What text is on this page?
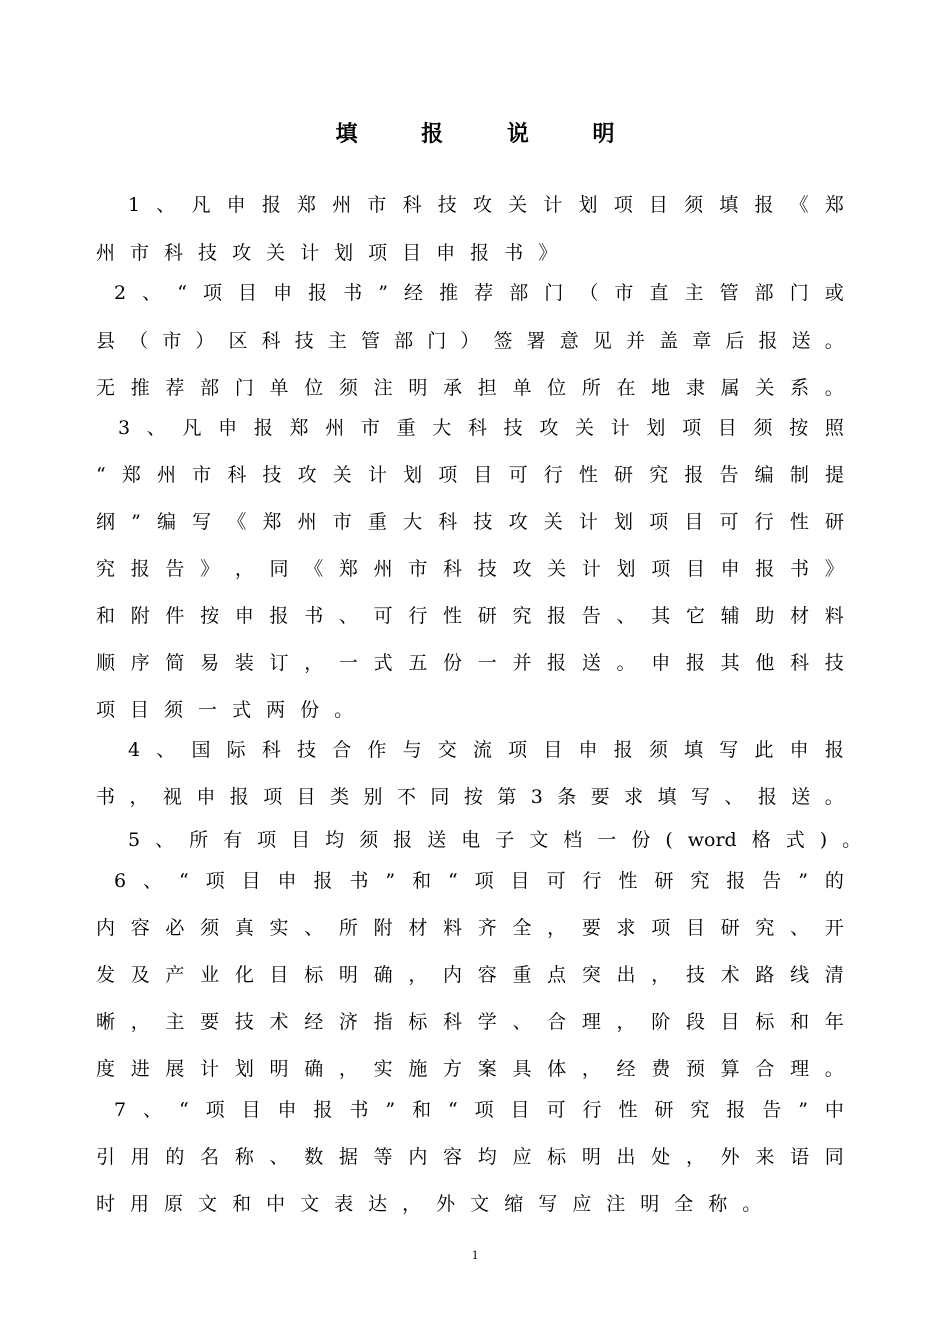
填 报 说 明
1 、 凡 申 报 郑 州 市 科 技 攻 关 计 划 项 目 须 填 报 《 郑
州 市 科 技 攻 关 计 划 项 目 申 报 书 》
2 、 “ 项 目 申 报 书 ” 经 推 荐 部 门 （ 市 直 主 管 部 门 或
县 （ 市 ） 区 科 技 主 管 部 门 ） 签 署 意 见 并 盖 章 后 报 送 。
无 推 荐 部 门 单 位 须 注 明 承 担 单 位 所 在 地 隶 属 关 系 。
3 、 凡 申 报 郑 州 市 重 大 科 技 攻 关 计 划 项 目 须 按 照
“ 郑 州 市 科 技 攻 关 计 划 项 目 可 行 性 研 究 报 告 编 制 提
纲 ” 编 写 《 郑 州 市 重 大 科 技 攻 关 计 划 项 目 可 行 性 研
究 报 告 》 ， 同 《 郑 州 市 科 技 攻 关 计 划 项 目 申 报 书 》
和 附 件 按 申 报 书 、 可 行 性 研 究 报 告 、 其 它 辅 助 材 料
顺 序 简 易 装 订 ， 一 式 五 份 一 并 报 送 。 申 报 其 他 科 技
项 目 须 一 式 两 份 。
4 、 国 际 科 技 合 作 与 交 流 项 目 申 报 须 填 写 此 申 报
书 ， 视 申 报 项 目 类 别 不 同 按 第 3 条 要 求 填 写 、 报 送 。
5 、 所 有 项 目 均 须 报 送 电 子 文 档 一 份 ( word 格 式 ) 。
6 、 “ 项 目 申 报 书 ” 和 “ 项 目 可 行 性 研 究 报 告 ” 的
内 容 必 须 真 实 、 所 附 材 料 齐 全 ， 要 求 项 目 研 究 、 开
发 及 产 业 化 目 标 明 确 ， 内 容 重 点 突 出 ， 技 术 路 线 清
晰 ， 主 要 技 术 经 济 指 标 科 学 、 合 理 ， 阶 段 目 标 和 年
度 进 展 计 划 明 确 ， 实 施 方 案 具 体 ， 经 费 预 算 合 理 。
7 、 “ 项 目 申 报 书 ” 和 “ 项 目 可 行 性 研 究 报 告 ” 中
引 用 的 名 称 、 数 据 等 内 容 均 应 标 明 出 处 ， 外 来 语 同
时 用 原 文 和 中 文 表 达 ， 外 文 缩 写 应 注 明 全 称 。
1
